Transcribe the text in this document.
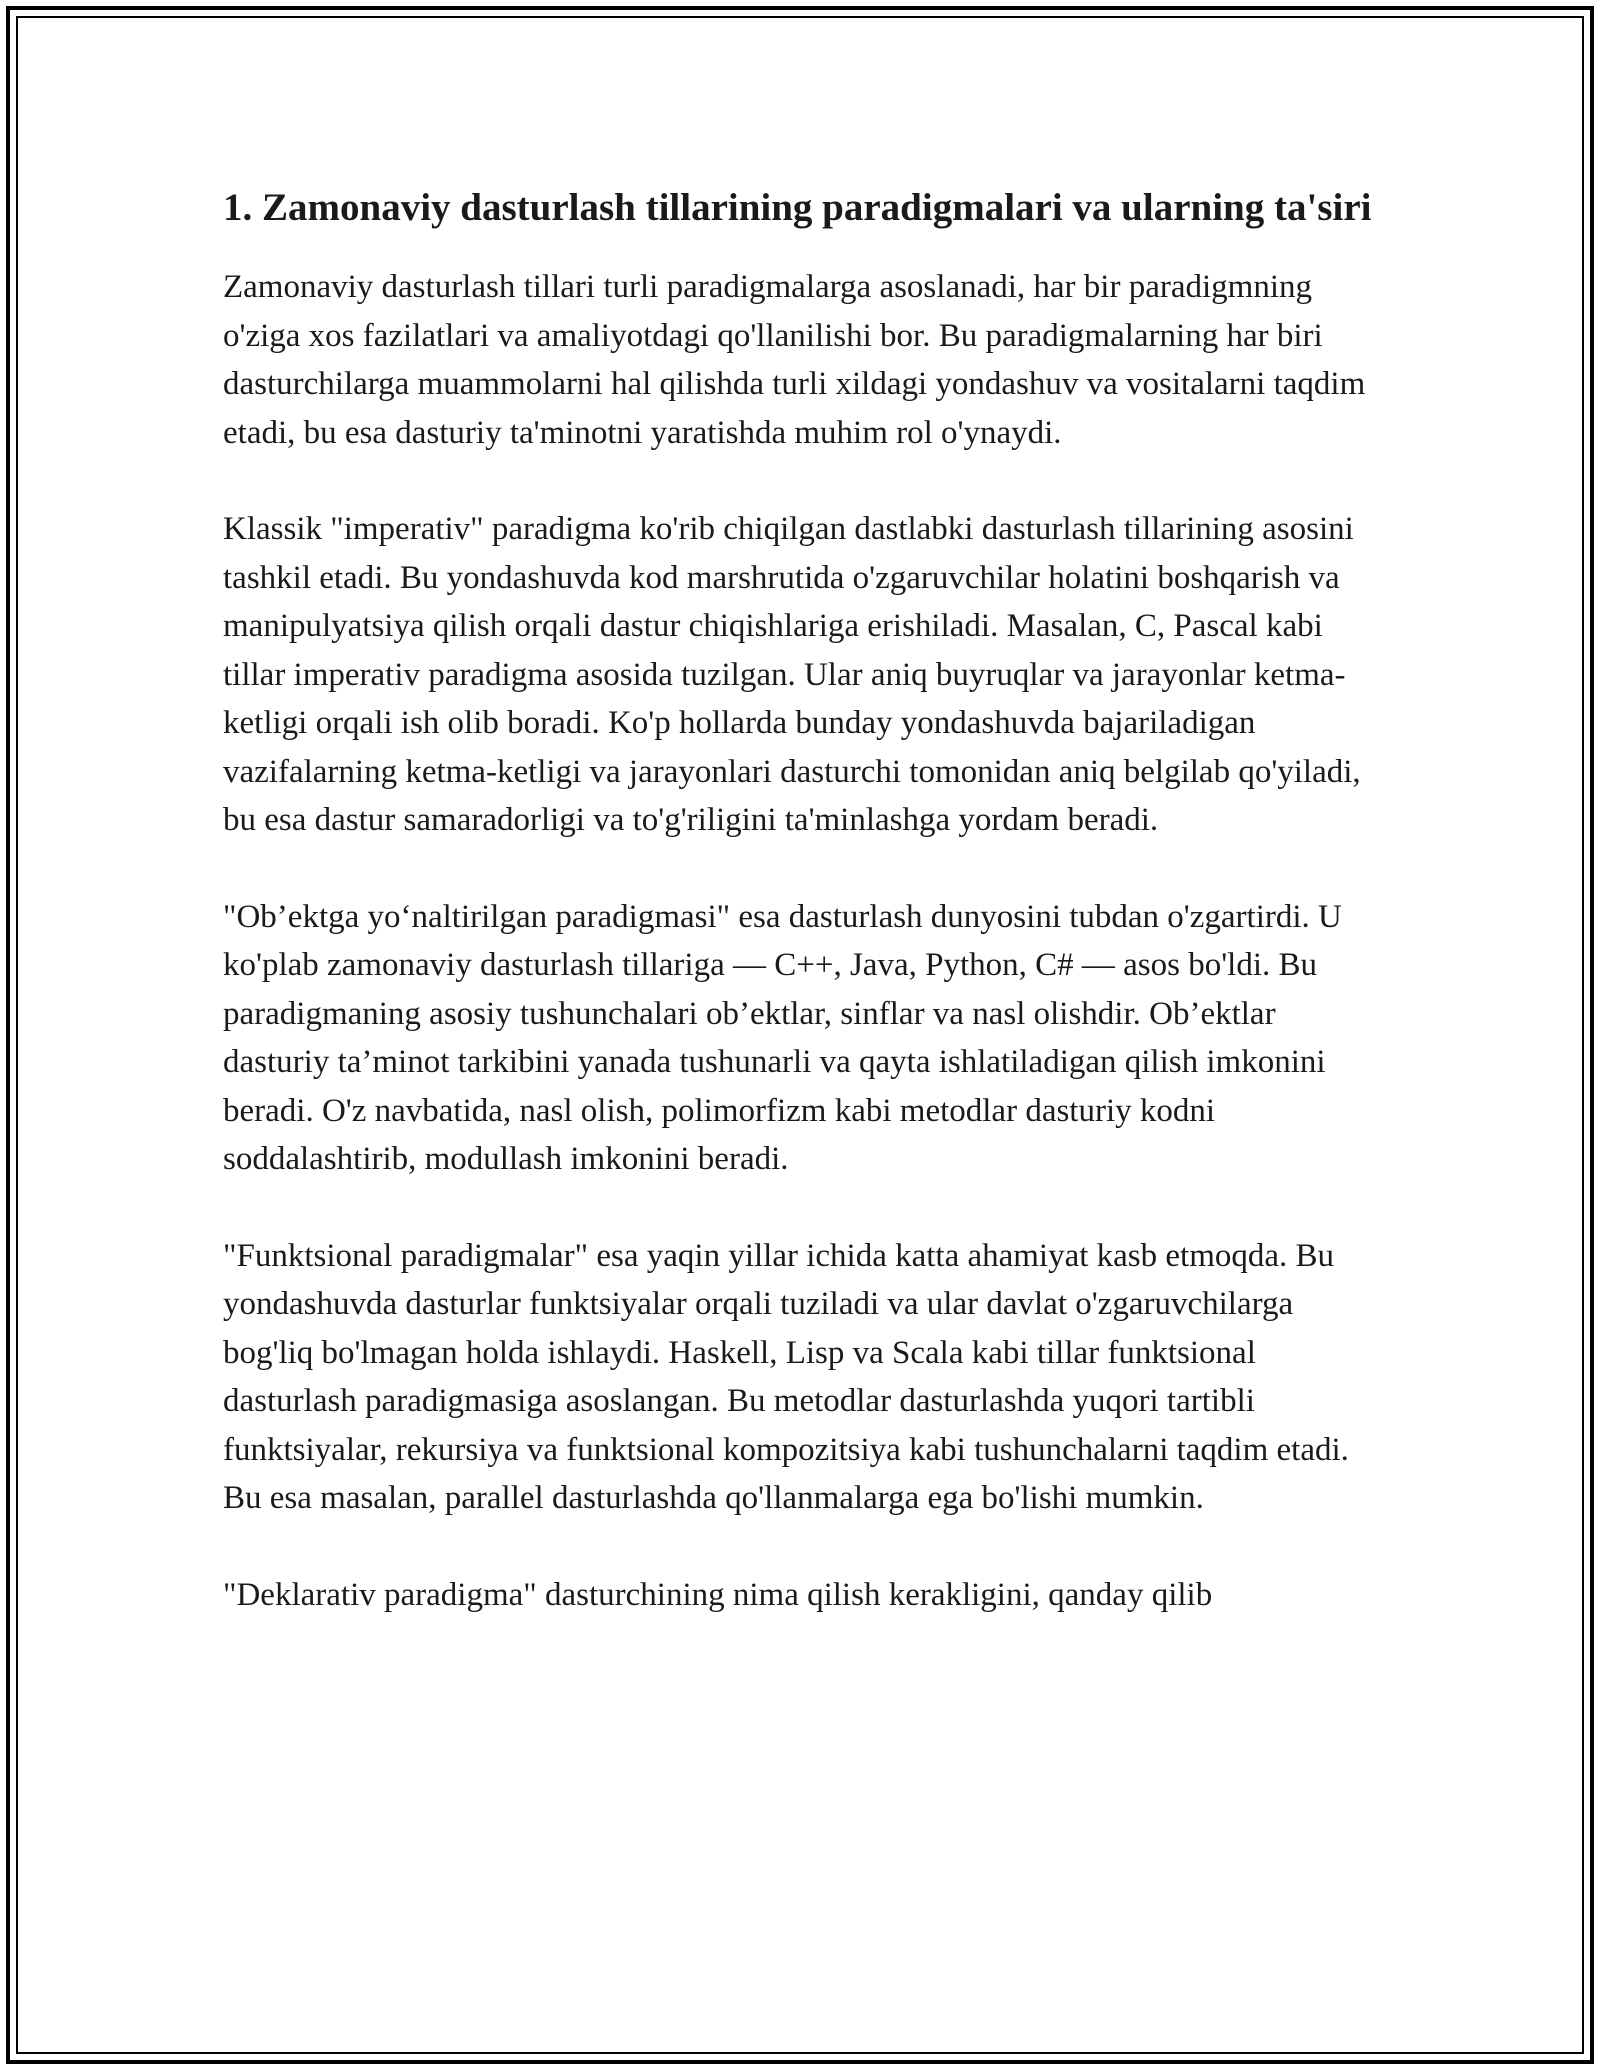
1. Zamonaviy dasturlash tillarining paradigmalari va ularning ta'siri

Zamonaviy dasturlash tillari turli paradigmalarga asoslanadi, har bir paradigmning o'ziga xos fazilatlari va amaliyotdagi qo'llanilishi bor. Bu paradigmalarning har biri dasturchilarga muammolarni hal qilishda turli xildagi yondashuv va vositalarni taqdim etadi, bu esa dasturiy ta'minotni yaratishda muhim rol o'ynaydi.

Klassik "imperativ" paradigma ko'rib chiqilgan dastlabki dasturlash tillarining asosini tashkil etadi. Bu yondashuvda kod marshrutida o'zgaruvchilar holatini boshqarish va manipulyatsiya qilish orqali dastur chiqishlariga erishiladi. Masalan, C, Pascal kabi tillar imperativ paradigma asosida tuzilgan. Ular aniq buyruqlar va jarayonlar ketma-ketligi orqali ish olib boradi. Ko'p hollarda bunday yondashuvda bajariladigan vazifalarning ketma-ketligi va jarayonlari dasturchi tomonidan aniq belgilab qo'yiladi, bu esa dastur samaradorligi va to'g'riligini ta'minlashga yordam beradi.

"Ob’ektga yo‘naltirilgan paradigmasi" esa dasturlash dunyosini tubdan o'zgartirdi. U ko'plab zamonaviy dasturlash tillariga — C++, Java, Python, C# — asos bo'ldi. Bu paradigmaning asosiy tushunchalari ob’ektlar, sinflar va nasl olishdir. Ob’ektlar dasturiy ta’minot tarkibini yanada tushunarli va qayta ishlatiladigan qilish imkonini beradi. O'z navbatida, nasl olish, polimorfizm kabi metodlar dasturiy kodni soddalashtirib, modullash imkonini beradi.

"Funktsional paradigmalar" esa yaqin yillar ichida katta ahamiyat kasb etmoqda. Bu yondashuvda dasturlar funktsiyalar orqali tuziladi va ular davlat o'zgaruvchilarga bog'liq bo'lmagan holda ishlaydi. Haskell, Lisp va Scala kabi tillar funktsional dasturlash paradigmasiga asoslangan. Bu metodlar dasturlashda yuqori tartibli funktsiyalar, rekursiya va funktsional kompozitsiya kabi tushunchalarni taqdim etadi. Bu esa masalan, parallel dasturlashda qo'llanmalarga ega bo'lishi mumkin.

"Deklarativ paradigma" dasturchining nima qilish kerakligini, qanday qilib
